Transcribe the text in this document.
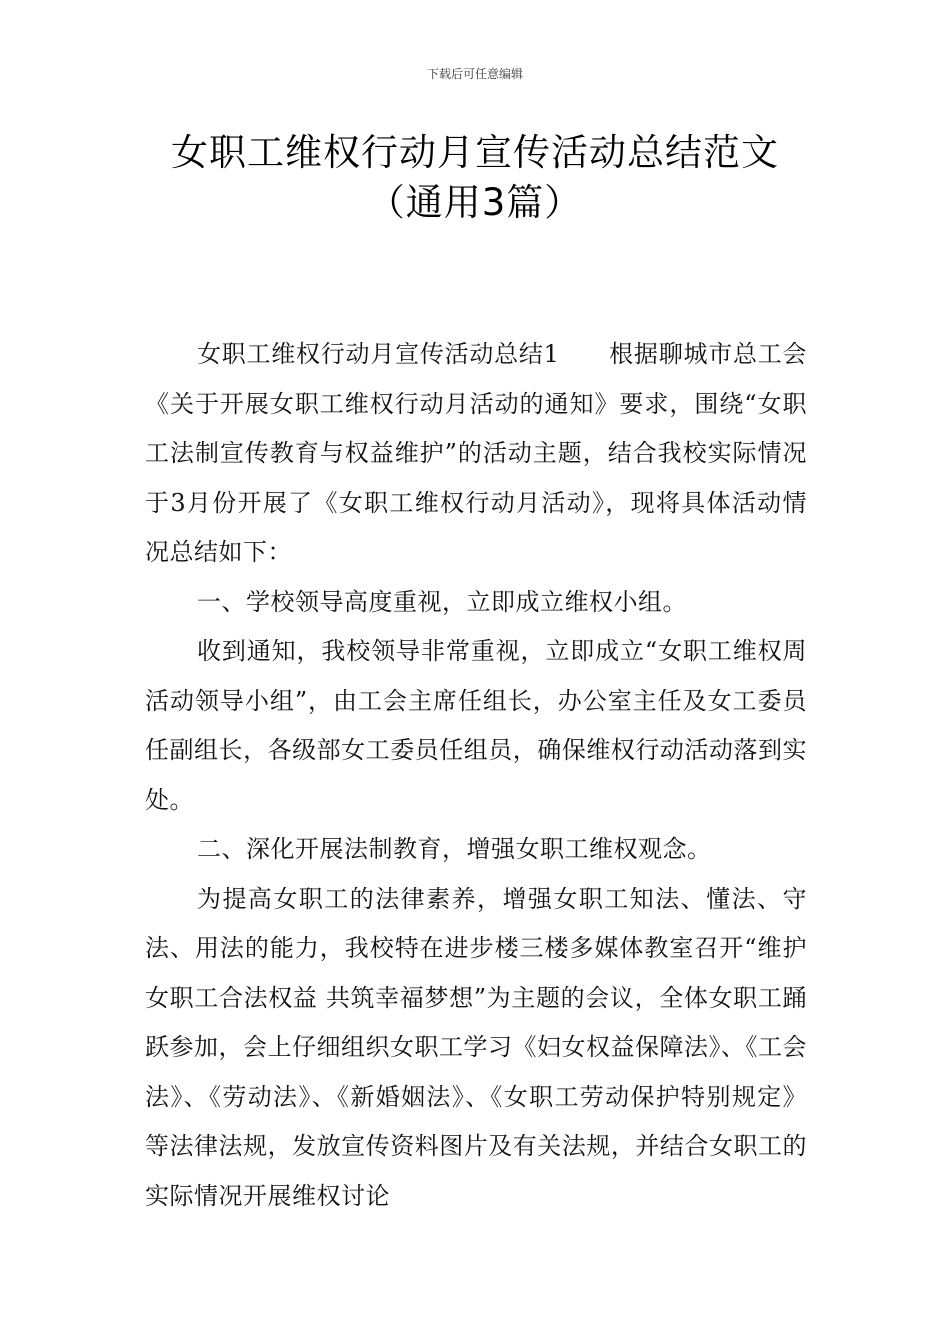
下载后可任意编辑
女职工维权行动月宣传活动总结范文（通用3篇）

女职工维权行动月宣传活动总结1　　根据聊城市总工会《关于开展女职工维权行动月活动的通知》要求，围绕“女职工法制宣传教育与权益维护”的活动主题，结合我校实际情况于3月份开展了《女职工维权行动月活动》，现将具体活动情况总结如下：

一、学校领导高度重视，立即成立维权小组。

收到通知，我校领导非常重视，立即成立“女职工维权周活动领导小组”，由工会主席任组长，办公室主任及女工委员任副组长，各级部女工委员任组员，确保维权行动活动落到实处。

二、深化开展法制教育，增强女职工维权观念。

为提高女职工的法律素养，增强女职工知法、懂法、守法、用法的能力，我校特在进步楼三楼多媒体教室召开“维护女职工合法权益 共筑幸福梦想”为主题的会议，全体女职工踊跃参加，会上仔细组织女职工学习《妇女权益保障法》、《工会法》、《劳动法》、《新婚姻法》、《女职工劳动保护特别规定》等法律法规，发放宣传资料图片及有关法规，并结合女职工的实际情况开展维权讨论
